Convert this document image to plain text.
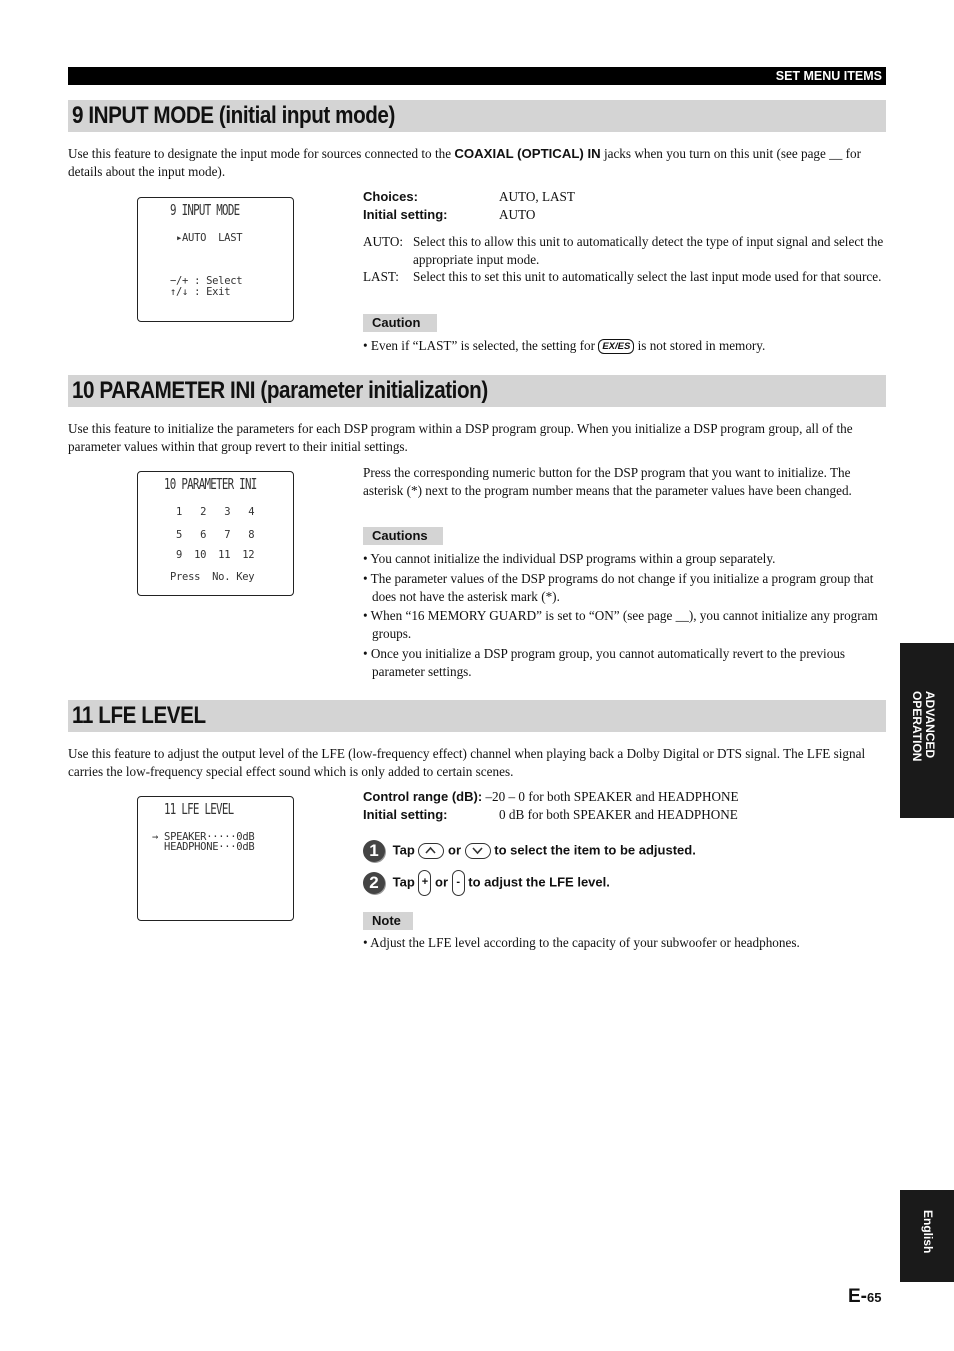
SET MENU ITEMS
9 INPUT MODE (initial input mode)
Use this feature to designate the input mode for sources connected to the COAXIAL (OPTICAL) IN jacks when you turn on this unit (see page __ for details about the input mode).
9 INPUT MODE
▸AUTO  LAST
−/+ : Select
↑/↓ : Exit
Choices:	AUTO, LAST
Initial setting:	AUTO
AUTO: Select this to allow this unit to automatically detect the type of input signal and select the appropriate input mode.
LAST: Select this to set this unit to automatically select the last input mode used for that source.
Caution
• Even if “LAST” is selected, the setting for EX/ES is not stored in memory.
10 PARAMETER INI (parameter initialization)
Use this feature to initialize the parameters for each DSP program within a DSP program group. When you initialize a DSP program group, all of the parameter values within that group revert to their initial settings.
10 PARAMETER INI
1   2   3   4
5   6   7   8
9  10  11  12
Press  No. Key
Press the corresponding numeric button for the DSP program that you want to initialize. The asterisk (*) next to the program number means that the parameter values have been changed.
Cautions
• You cannot initialize the individual DSP programs within a group separately.
• The parameter values of the DSP programs do not change if you initialize a program group that does not have the asterisk mark (*).
• When “16 MEMORY GUARD” is set to “ON” (see page __), you cannot initialize any program groups.
• Once you initialize a DSP program group, you cannot automatically revert to the previous parameter settings.
11 LFE LEVEL
Use this feature to adjust the output level of the LFE (low-frequency effect) channel when playing back a Dolby Digital or DTS signal. The LFE signal carries the low-frequency special effect sound which is only added to certain scenes.
11 LFE LEVEL
→ SPEAKER·····0dB
HEADPHONE···0dB
Control range (dB): –20 – 0 for both SPEAKER and HEADPHONE
Initial setting:	0 dB for both SPEAKER and HEADPHONE
1 Tap	or	to select the item to be adjusted.
2 Tap + or - to adjust the LFE level.
Note
• Adjust the LFE level according to the capacity of your subwoofer or headphones.
ADVANCED OPERATION
English
E-65
